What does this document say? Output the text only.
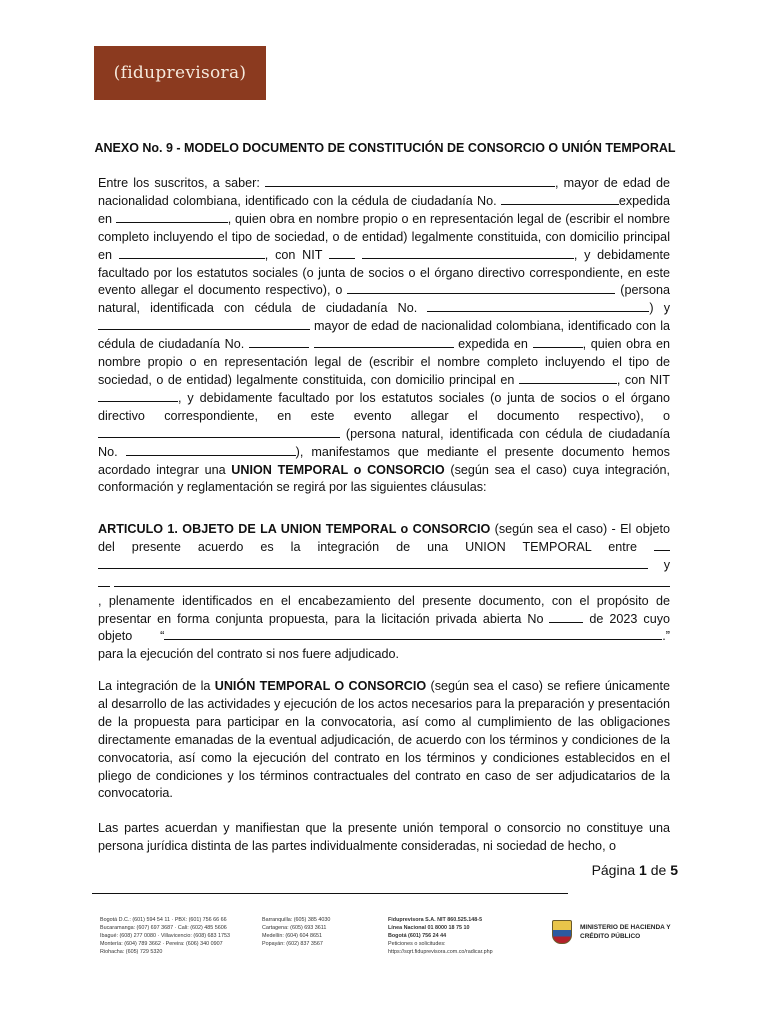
(fiduprevisora)
ANEXO No. 9 - MODELO DOCUMENTO DE CONSTITUCIÓN DE CONSORCIO O UNIÓN TEMPORAL

Entre los suscritos, a saber:	, mayor de edad de nacionalidad colombiana, identificado con la cédula de ciudadanía No.	expedida en	, quien obra en nombre propio o en representación legal de (escribir el nombre completo incluyendo el tipo de sociedad, o de entidad) legalmente constituida, con domicilio principal en	, con NIT	, y debidamente facultado por los estatutos sociales (o junta de socios o el órgano directivo correspondiente, en este evento allegar el documento respectivo), o	(persona natural, identificada con cédula de ciudadanía No.	) y  mayor de edad de nacionalidad colombiana, identificado con la cédula de ciudadanía No.	expedida en	, quien obra en nombre propio o en representación legal de (escribir el nombre completo incluyendo el tipo de sociedad, o de entidad) legalmente constituida, con domicilio principal en	, con NIT , y debidamente facultado por los estatutos sociales (o junta de socios o el órgano directivo correspondiente, en este evento allegar el documento respectivo), o  (persona natural, identificada con cédula de ciudadanía No.	), manifestamos que mediante el presente documento hemos acordado integrar una UNION TEMPORAL o CONSORCIO (según sea el caso) cuya integración, conformación y reglamentación se regirá por las siguientes cláusulas:

ARTICULO 1. OBJETO DE LA UNION TEMPORAL o CONSORCIO (según sea el caso) - El objeto del presente acuerdo es la integración de una UNION TEMPORAL entre   y  , plenamente identificados en el encabezamiento del presente documento, con el propósito de presentar en forma conjunta propuesta, para la licitación privada abierta No	de 2023 cuyo objeto “	.” para la ejecución del contrato si nos fuere adjudicado.

La integración de la UNIÓN TEMPORAL O CONSORCIO (según sea el caso) se refiere únicamente al desarrollo de las actividades y ejecución de los actos necesarios para la preparación y presentación de la propuesta para participar en la convocatoria, así como al cumplimiento de las obligaciones directamente emanadas de la eventual adjudicación, de acuerdo con los términos y condiciones de la convocatoria, así como la ejecución del contrato en los términos y condiciones establecidos en el pliego de condiciones y los términos contractuales del contrato en caso de ser adjudicatarios de la convocatoria.

Las partes acuerdan y manifiestan que la presente unión temporal o consorcio no constituye una persona jurídica distinta de las partes individualmente consideradas, ni sociedad de hecho, o

Página 1 de 5
Bogotá D.C.: (601) 594 54 11 · PBX: (601) 756 66 66
Bucaramanga: (607) 697 3687 · Cali: (602) 485 5606
Ibagué: (608) 277 0080 · Villavicencio: (608) 683 1753
Montería: (604) 789 3662 · Pereira: (606) 340 0907
Riohacha: (605) 729 5320
Barranquilla: (605) 385 4030
Cartagena: (605) 693 3611
Medellín: (604) 604 8651
Popayán: (602) 837 3567
Fiduprevisora S.A. NIT 860.525.148-5
Línea Nacional 01 8000 18 75 10
Bogotá (601) 756 24 44
Peticiones o solicitudes:
https://sqrt.fiduprevisora.com.co/radicar.php
MINISTERIO DE HACIENDA Y
CRÉDITO PÚBLICO
